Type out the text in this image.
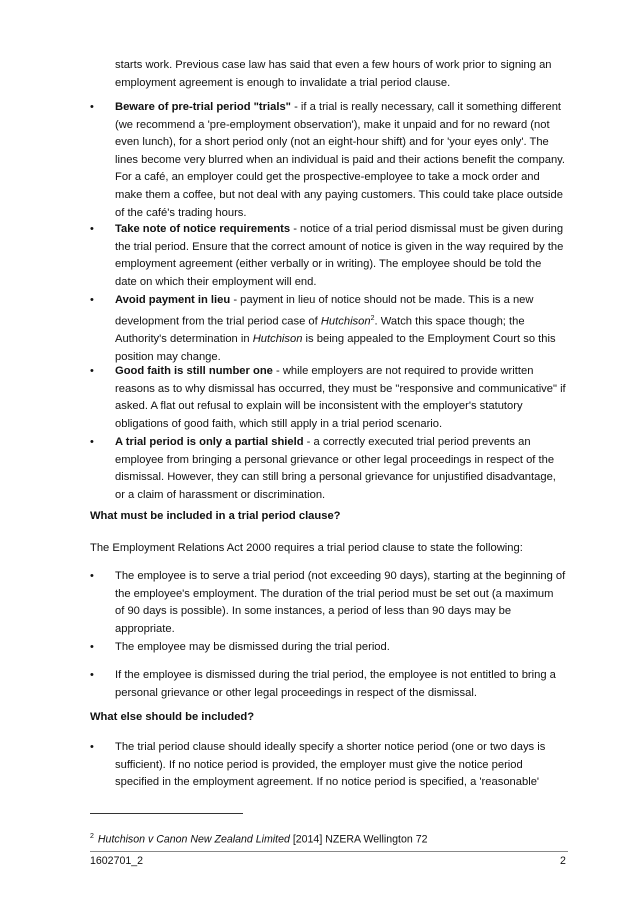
starts work. Previous case law has said that even a few hours of work prior to signing an
employment agreement is enough to invalidate a trial period clause.
• Beware of pre-trial period "trials" - if a trial is really necessary, call it something different
(we recommend a 'pre-employment observation'), make it unpaid and for no reward (not
even lunch), for a short period only (not an eight-hour shift) and for 'your eyes only'. The
lines become very blurred when an individual is paid and their actions benefit the company.
For a café, an employer could get the prospective-employee to take a mock order and
make them a coffee, but not deal with any paying customers. This could take place outside
of the café's trading hours.
• Take note of notice requirements - notice of a trial period dismissal must be given during
the trial period. Ensure that the correct amount of notice is given in the way required by the
employment agreement (either verbally or in writing). The employee should be told the
date on which their employment will end.
• Avoid payment in lieu - payment in lieu of notice should not be made. This is a new
development from the trial period case of Hutchison$^2$. Watch this space though; the
Authority's determination in Hutchison is being appealed to the Employment Court so this
position may change.
• Good faith is still number one - while employers are not required to provide written
reasons as to why dismissal has occurred, they must be "responsive and communicative" if
asked. A flat out refusal to explain will be inconsistent with the employer's statutory
obligations of good faith, which still apply in a trial period scenario.
• A trial period is only a partial shield - a correctly executed trial period prevents an
employee from bringing a personal grievance or other legal proceedings in respect of the
dismissal. However, they can still bring a personal grievance for unjustified disadvantage,
or a claim of harassment or discrimination.
What must be included in a trial period clause?
The Employment Relations Act 2000 requires a trial period clause to state the following:
• The employee is to serve a trial period (not exceeding 90 days), starting at the beginning of
the employee's employment. The duration of the trial period must be set out (a maximum
of 90 days is possible). In some instances, a period of less than 90 days may be
appropriate.
• The employee may be dismissed during the trial period.
• If the employee is dismissed during the trial period, the employee is not entitled to bring a
personal grievance or other legal proceedings in respect of the dismissal.
What else should be included?
• The trial period clause should ideally specify a shorter notice period (one or two days is
sufficient). If no notice period is provided, the employer must give the notice period
specified in the employment agreement. If no notice period is specified, a 'reasonable'
$^2$ Hutchison v Canon New Zealand Limited [2014] NZERA Wellington 72
1602701_2	2
